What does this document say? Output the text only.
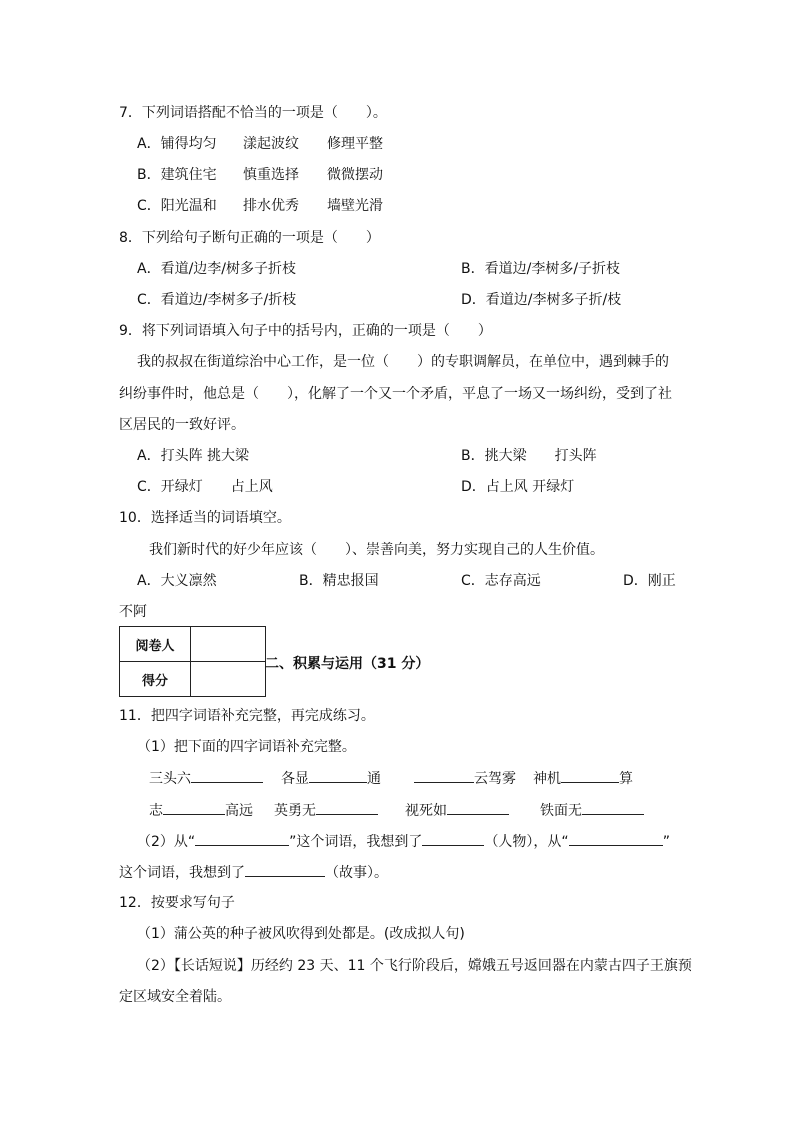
7．下列词语搭配不恰当的一项是（　　）。
A．铺得均匀 漾起波纹 修理平整
B．建筑住宅 慎重选择 微微摆动
C．阳光温和 排水优秀 墙壁光滑
8．下列给句子断句正确的一项是（　　）
A．看道/边李/树多子折枝	B．看道边/李树多/子折枝
C．看道边/李树多子/折枝	D．看道边/李树多子折/枝
9．将下列词语填入句子中的括号内，正确的一项是（　　）
我的叔叔在街道综治中心工作，是一位（　　）的专职调解员，在单位中，遇到棘手的
纠纷事件时，他总是（　　），化解了一个又一个矛盾，平息了一场又一场纠纷，受到了社
区居民的一致好评。
A．打头阵 挑大梁	B．挑大梁　　打头阵
C．开绿灯　　占上风	D．占上风 开绿灯
10．选择适当的词语填空。
我们新时代的好少年应该（　　）、崇善向美，努力实现自己的人生价值。
A．大义凛然	B．精忠报国	C．志存高远	D．刚正
不阿
阅卷人	
得分	
二、积累与运用（31 分）
11．把四字词语补充完整，再完成练习。
（1）把下面的四字词语补充完整。
三头六	各显	通	云驾雾 神机	算
志	高远 英勇无	视死如	铁面无
（2）从“	”这个词语，我想到了	（人物），从“	”
这个词语，我想到了	（故事）。
12．按要求写句子
（1）蒲公英的种子被风吹得到处都是。(改成拟人句)
（2）【长话短说】历经约 23 天、11 个飞行阶段后，嫦娥五号返回器在内蒙古四子王旗预
定区域安全着陆。
